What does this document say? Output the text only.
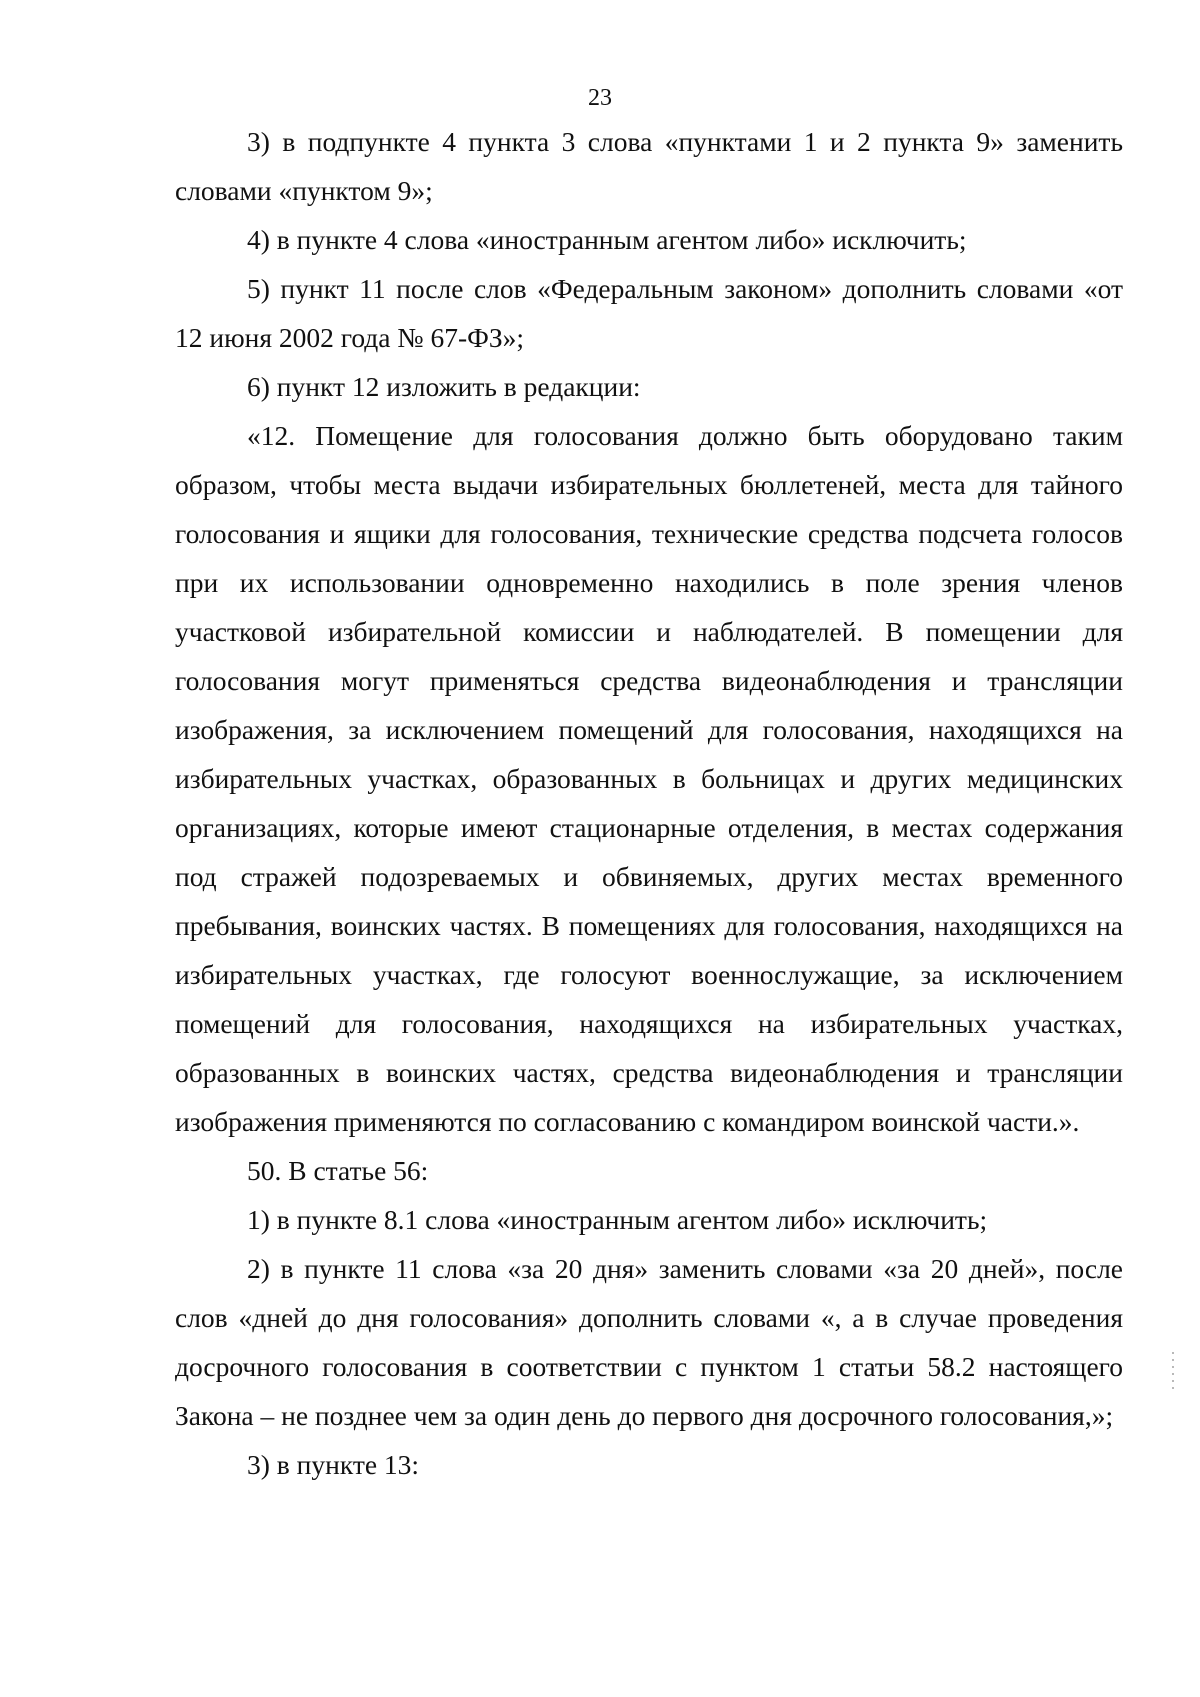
23

3) в подпункте 4 пункта 3 слова «пунктами 1 и 2 пункта 9» заменить словами «пунктом 9»;

4) в пункте 4 слова «иностранным агентом либо» исключить;

5) пункт 11 после слов «Федеральным законом» дополнить словами «от 12 июня 2002 года № 67-ФЗ»;

6) пункт 12 изложить в редакции:

«12. Помещение для голосования должно быть оборудовано таким образом, чтобы места выдачи избирательных бюллетеней, места для тайного голосования и ящики для голосования, технические средства подсчета голосов при их использовании одновременно находились в поле зрения членов участковой избирательной комиссии и наблюдателей. В помещении для голосования могут применяться средства видеонаблюдения и трансляции изображения, за исключением помещений для голосования, находящихся на избирательных участках, образованных в больницах и других медицинских организациях, которые имеют стационарные отделения, в местах содержания под стражей подозреваемых и обвиняемых, других местах временного пребывания, воинских частях. В помещениях для голосования, находящихся на избирательных участках, где голосуют военнослужащие, за исключением помещений для голосования, находящихся на избирательных участках, образованных в воинских частях, средства видеонаблюдения и трансляции изображения применяются по согласованию с командиром воинской части.».

50. В статье 56:

1) в пункте 8.1 слова «иностранным агентом либо» исключить;

2) в пункте 11 слова «за 20 дня» заменить словами «за 20 дней», после слов «дней до дня голосования» дополнить словами «, а в случае проведения досрочного голосования в соответствии с пунктом 1 статьи 58.2 настоящего Закона – не позднее чем за один день до первого дня досрочного голосования,»;

3) в пункте 13:
